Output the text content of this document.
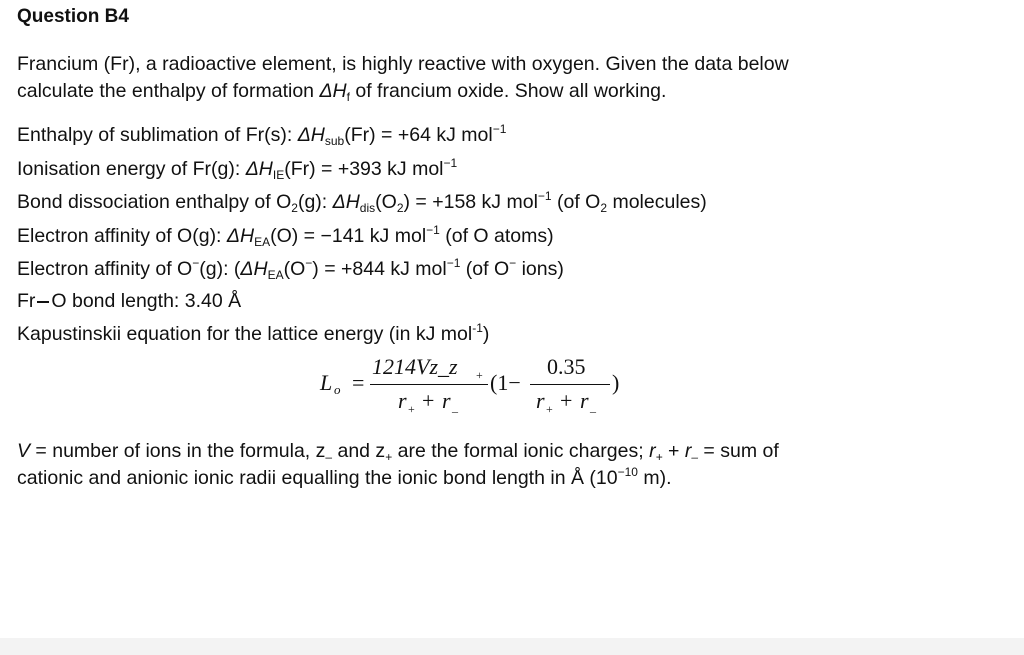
Question B4
Francium (Fr), a radioactive element, is highly reactive with oxygen. Given the data below
calculate the enthalpy of formation $\Delta H_f$ of francium oxide. Show all working.
Enthalpy of sublimation of Fr(s): $\Delta H_{sub}(Fr) = +64$ kJ mol$^{-1}$
Ionisation energy of Fr(g): $\Delta H_{IE}(Fr) = +393$ kJ mol$^{-1}$
Bond dissociation enthalpy of $O_2(g)$: $\Delta H_{dis}(O_2) = +158$ kJ mol$^{-1}$ (of $O_2$ molecules)
Electron affinity of O(g): $\Delta H_{EA}(O) = -141$ kJ mol$^{-1}$ (of O atoms)
Electron affinity of O−(g): ($\Delta H_{EA}(O^-) = +844$ kJ mol$^{-1}$ (of O− ions)
Fr O bond length: 3.40 Å
Kapustinskii equation for the lattice energy (in kJ mol$^{-1}$)
L o =
1214Vz_z +
r + + r _
(1−
0.35
r + + r _
)
V = number of ions in the formula, $z_-$ and $z_+$ are the formal ionic charges; $r_+ + r_-$ = sum of
cationic and anionic ionic radii equalling the ionic bond length in Å ($10^{-10}$ m).
